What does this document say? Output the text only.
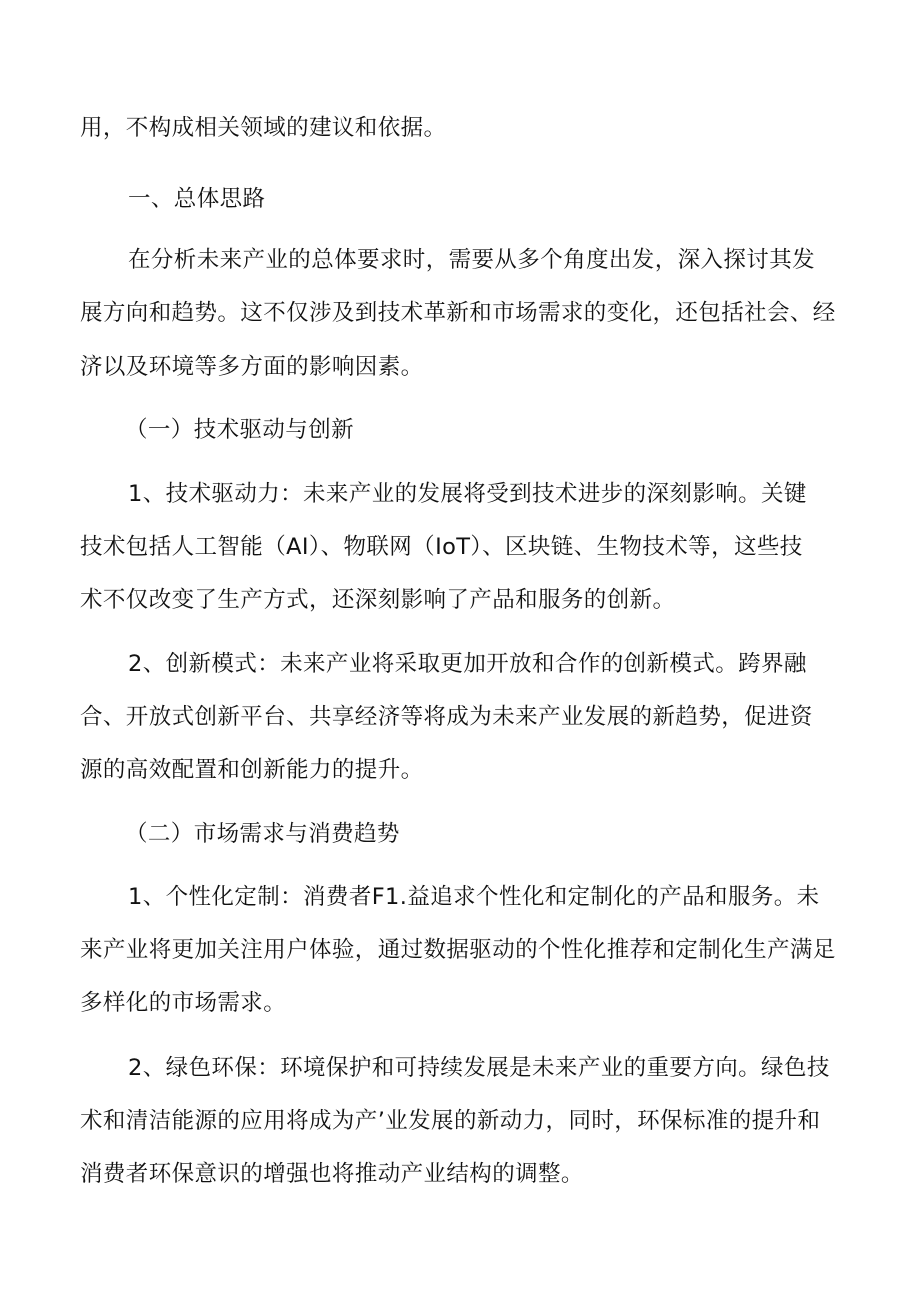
用，不构成相关领域的建议和依据。
一、总体思路
在分析未来产业的总体要求时，需要从多个角度出发，深入探讨其发
展方向和趋势。这不仅涉及到技术革新和市场需求的变化，还包括社会、经
济以及环境等多方面的影响因素。
（一）技术驱动与创新
1、技术驱动力：未来产业的发展将受到技术进步的深刻影响。关键
技术包括人工智能（AI）、物联网（IoT）、区块链、生物技术等，这些技
术不仅改变了生产方式，还深刻影响了产品和服务的创新。
2、创新模式：未来产业将采取更加开放和合作的创新模式。跨界融
合、开放式创新平台、共享经济等将成为未来产业发展的新趋势，促进资
源的高效配置和创新能力的提升。
（二）市场需求与消费趋势
1、个性化定制：消费者F1.益追求个性化和定制化的产品和服务。未
来产业将更加关注用户体验，通过数据驱动的个性化推荐和定制化生产满足
多样化的市场需求。
2、绿色环保：环境保护和可持续发展是未来产业的重要方向。绿色技
术和清洁能源的应用将成为产’业发展的新动力，同时，环保标准的提升和
消费者环保意识的增强也将推动产业结构的调整。
